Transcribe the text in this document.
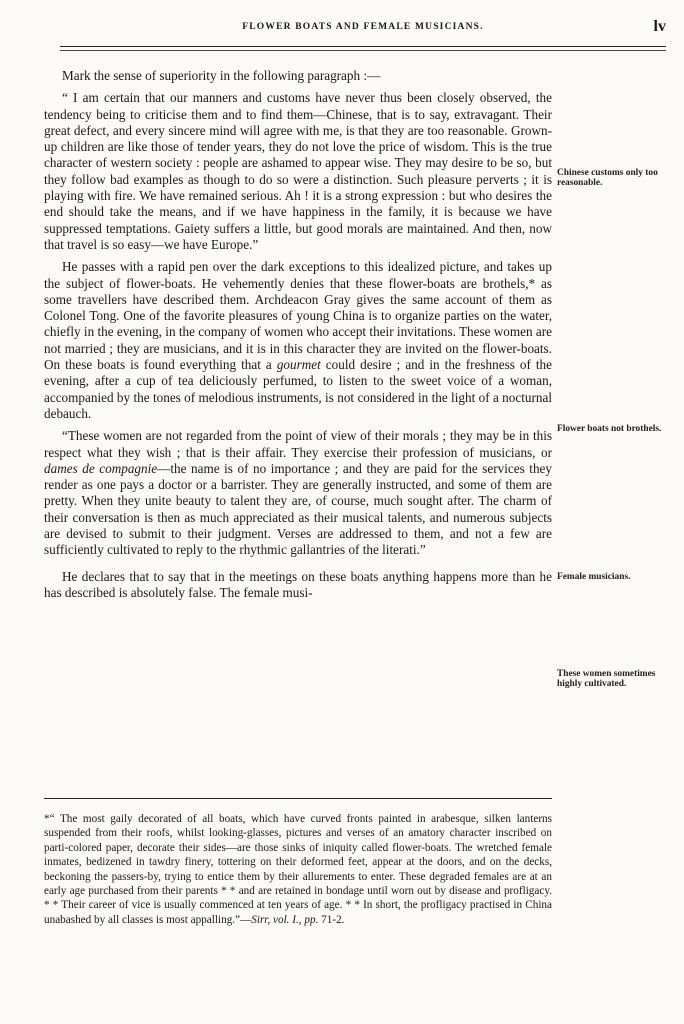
FLOWER BOATS AND FEMALE MUSICIANS.	lv

Mark the sense of superiority in the following paragraph :—

“ I am certain that our manners and customs have never thus been closely observed, the tendency being to criticise them and to find them—Chinese, that is to say, extravagant. Their great defect, and every sincere mind will agree with me, is that they are too reasonable. Grown-up children are like those of tender years, they do not love the price of wisdom. This is the true character of western society : people are ashamed to appear wise. They may desire to be so, but they follow bad examples as though to do so were a distinction. Such pleasure perverts ; it is playing with fire. We have remained serious. Ah ! it is a strong expression : but who desires the end should take the means, and if we have happiness in the family, it is because we have suppressed temptations. Gaiety suffers a little, but good morals are maintained. And then, now that travel is so easy—we have Europe.”

He passes with a rapid pen over the dark exceptions to this idealized picture, and takes up the subject of flower-boats. He vehemently denies that these flower-boats are brothels,* as some travellers have described them. Archdeacon Gray gives the same account of them as Colonel Tong. One of the favorite pleasures of young China is to organize parties on the water, chiefly in the evening, in the company of women who accept their invitations. These women are not married ; they are musicians, and it is in this character they are invited on the flower-boats. On these boats is found everything that a gourmet could desire ; and in the freshness of the evening, after a cup of tea deliciously perfumed, to listen to the sweet voice of a woman, accompanied by the tones of melodious instruments, is not considered in the light of a nocturnal debauch.

“These women are not regarded from the point of view of their morals ; they may be in this respect what they wish ; that is their affair. They exercise their profession of musicians, or dames de compagnie—the name is of no importance ; and they are paid for the services they render as one pays a doctor or a barrister. They are generally instructed, and some of them are pretty. When they unite beauty to talent they are, of course, much sought after. The charm of their conversation is then as much appreciated as their musical talents, and numerous subjects are devised to submit to their judgment. Verses are addressed to them, and not a few are sufficiently cultivated to reply to the rhythmic gallantries of the literati.”

He declares that to say that in the meetings on these boats anything happens more than he has described is absolutely false. The female musi-

Chinese customs only too reasonable.
Flower boats not brothels.
Female musicians.
These women sometimes highly cultivated.
*“ The most gaily decorated of all boats, which have curved fronts painted in arabesque, silken lanterns suspended from their roofs, whilst looking-glasses, pictures and verses of an amatory character inscribed on parti-colored paper, decorate their sides—are those sinks of iniquity called flower-boats. The wretched female inmates, bedizened in tawdry finery, tottering on their deformed feet, appear at the doors, and on the decks, beckoning the passers-by, trying to entice them by their allurements to enter. These degraded females are at an early age purchased from their parents * * and are retained in bondage until worn out by disease and profligacy. * * Their career of vice is usually commenced at ten years of age. * * In short, the profligacy practised in China unabashed by all classes is most appalling.”—Sirr, vol. I., pp. 71-2.
